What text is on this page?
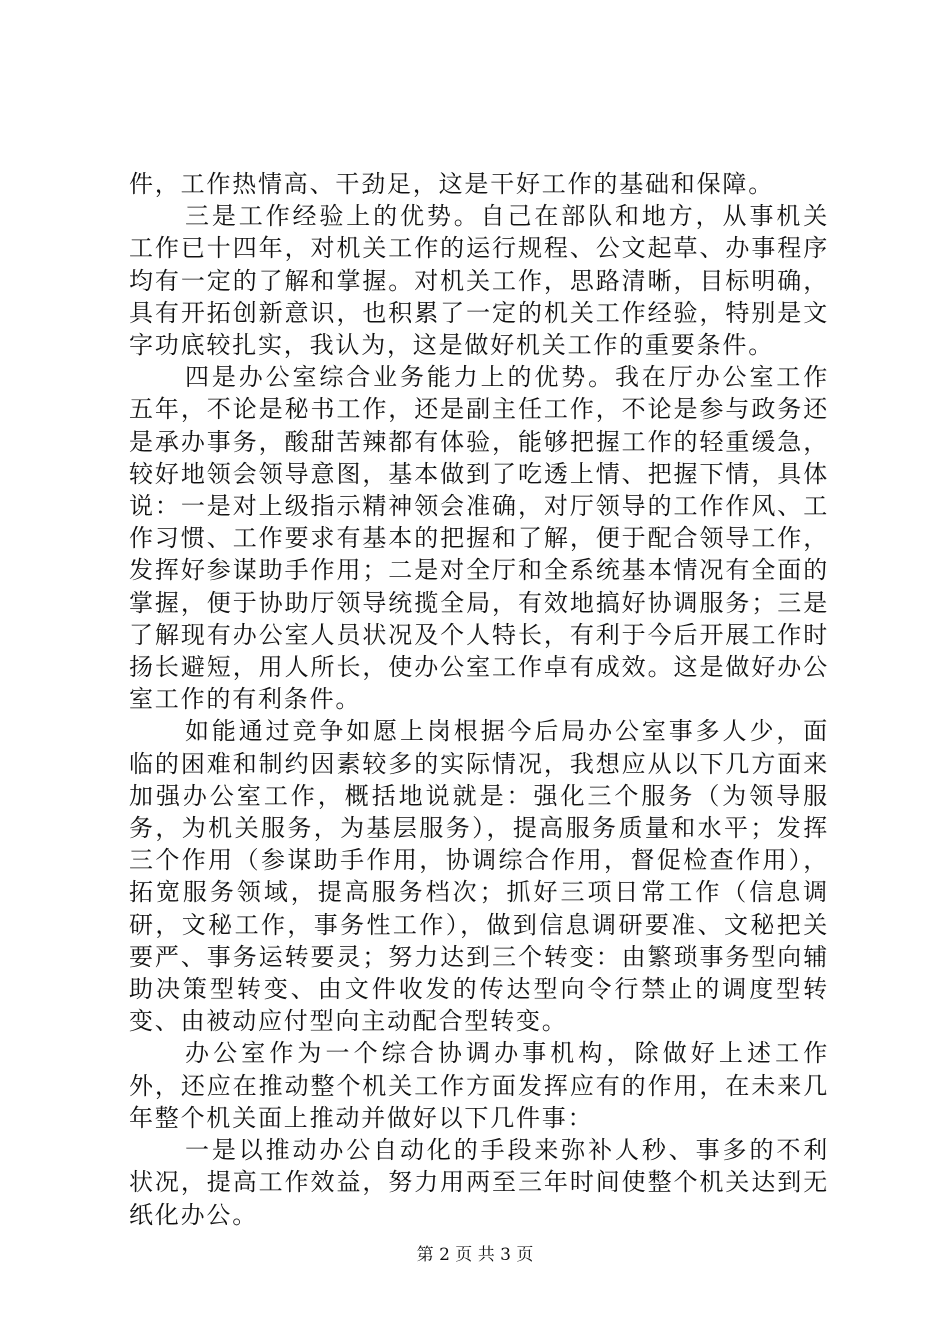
件，工作热情高、干劲足，这是干好工作的基础和保障。

三是工作经验上的优势。自己在部队和地方，从事机关工作已十四年，对机关工作的运行规程、公文起草、办事程序均有一定的了解和掌握。对机关工作，思路清晰，目标明确，具有开拓创新意识，也积累了一定的机关工作经验，特别是文字功底较扎实，我认为，这是做好机关工作的重要条件。

四是办公室综合业务能力上的优势。我在厅办公室工作五年，不论是秘书工作，还是副主任工作，不论是参与政务还是承办事务，酸甜苦辣都有体验，能够把握工作的轻重缓急，较好地领会领导意图，基本做到了吃透上情、把握下情，具体说：一是对上级指示精神领会准确，对厅领导的工作作风、工作习惯、工作要求有基本的把握和了解，便于配合领导工作，发挥好参谋助手作用；二是对全厅和全系统基本情况有全面的掌握，便于协助厅领导统揽全局，有效地搞好协调服务；三是了解现有办公室人员状况及个人特长，有利于今后开展工作时扬长避短，用人所长，使办公室工作卓有成效。这是做好办公室工作的有利条件。

如能通过竞争如愿上岗根据今后局办公室事多人少，面临的困难和制约因素较多的实际情况，我想应从以下几方面来加强办公室工作，概括地说就是：强化三个服务（为领导服务，为机关服务，为基层服务），提高服务质量和水平；发挥三个作用（参谋助手作用，协调综合作用，督促检查作用），拓宽服务领域，提高服务档次；抓好三项日常工作（信息调研，文秘工作，事务性工作），做到信息调研要准、文秘把关要严、事务运转要灵；努力达到三个转变：由繁琐事务型向辅助决策型转变、由文件收发的传达型向令行禁止的调度型转变、由被动应付型向主动配合型转变。

办公室作为一个综合协调办事机构，除做好上述工作外，还应在推动整个机关工作方面发挥应有的作用，在未来几年整个机关面上推动并做好以下几件事：

一是以推动办公自动化的手段来弥补人秒、事多的不利状况，提高工作效益，努力用两至三年时间使整个机关达到无纸化办公。

第 2 页 共 3 页
